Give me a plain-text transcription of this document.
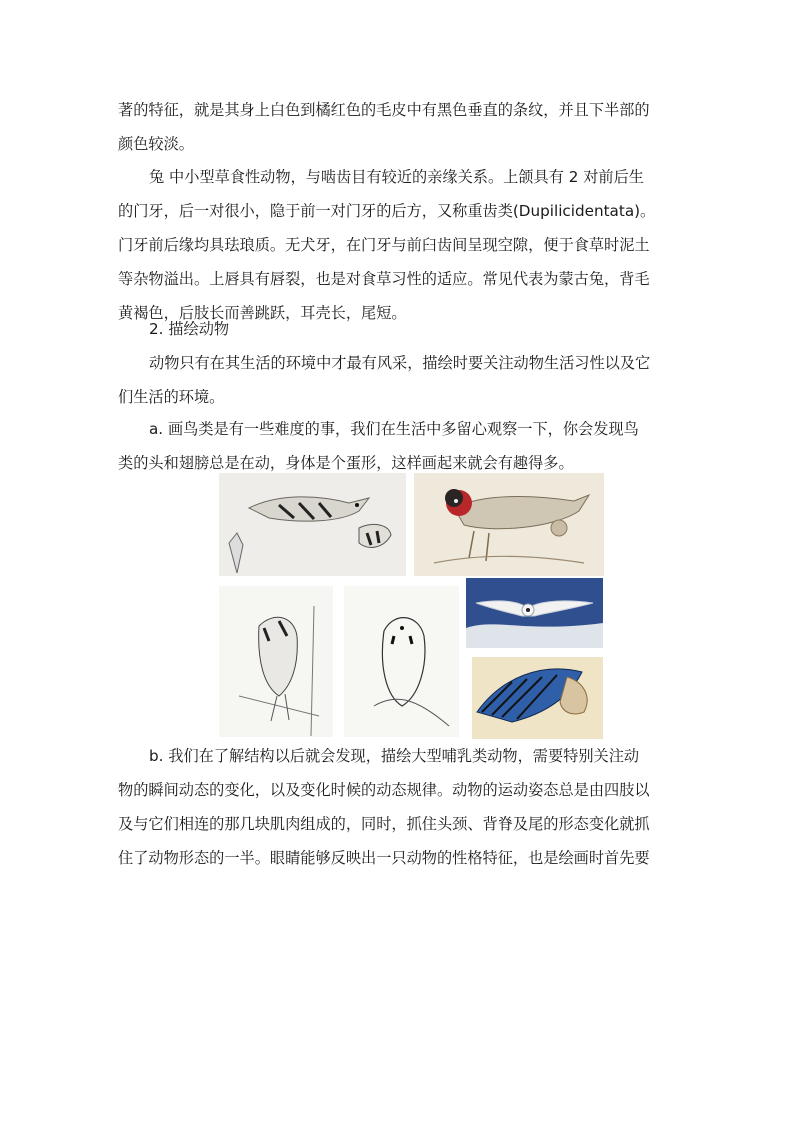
著的特征，就是其身上白色到橘红色的毛皮中有黑色垂直的条纹，并且下半部的
颜色较淡。
兔 中小型草食性动物，与啮齿目有较近的亲缘关系。上颌具有 2 对前后生
的门牙，后一对很小，隐于前一对门牙的后方，又称重齿类(Dupilicidentata)。
门牙前后缘均具珐琅质。无犬牙，在门牙与前臼齿间呈现空隙，便于食草时泥土
等杂物溢出。上唇具有唇裂，也是对食草习性的适应。常见代表为蒙古兔，背毛
黄褐色，后肢长而善跳跃，耳壳长，尾短。
2. 描绘动物
动物只有在其生活的环境中才最有风采，描绘时要关注动物生活习性以及它
们生活的环境。
a. 画鸟类是有一些难度的事，我们在生活中多留心观察一下，你会发现鸟
类的头和翅膀总是在动，身体是个蛋形，这样画起来就会有趣得多。
b. 我们在了解结构以后就会发现，描绘大型哺乳类动物，需要特别关注动
物的瞬间动态的变化，以及变化时候的动态规律。动物的运动姿态总是由四肢以
及与它们相连的那几块肌肉组成的，同时，抓住头颈、背脊及尾的形态变化就抓
住了动物形态的一半。眼睛能够反映出一只动物的性格特征，也是绘画时首先要
